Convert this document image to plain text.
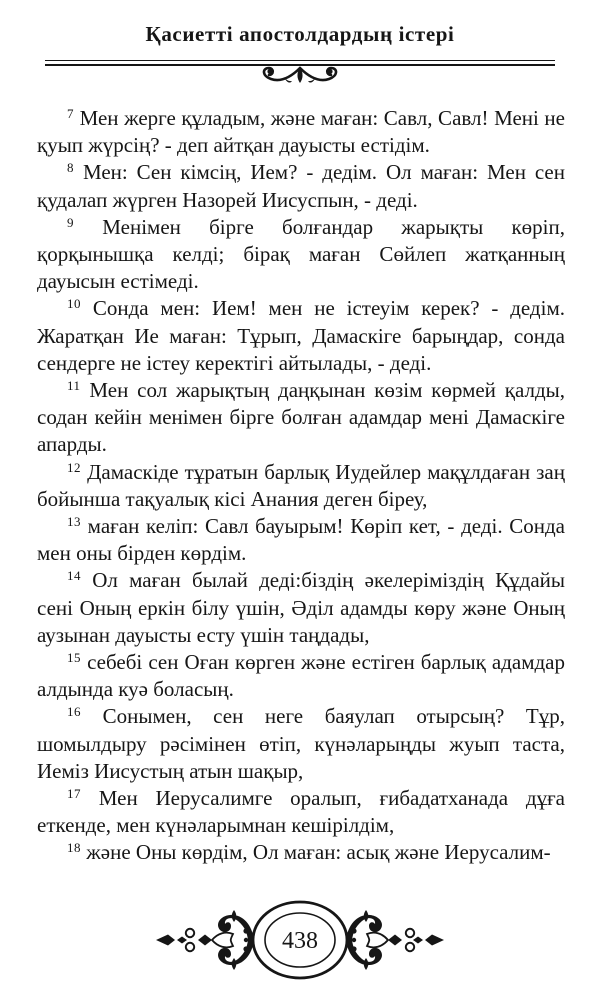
Қасиетті апостолдардың істері

$^7$ Мен жерге құладым, және маған: Савл, Савл! Мені не қуып жүрсің? - деп айтқан дауысты естідім.

$^8$ Мен: Сен кімсің, Ием? - дедім. Ол маған: Мен сен қудалап жүрген Назорей Иисуспын, - деді.

$^9$ Менімен бірге болғандар жарықты көріп, қорқынышқа келді; бірақ маған Сөйлеп жатқанның дауысын естімеді.

$^{10}$ Сонда мен: Ием! мен не істеуім керек? - дедім. Жаратқан Ие маған: Тұрып, Дамаскіге барыңдар, сонда сендерге не істеу керектігі айтылады, - деді.

$^{11}$ Мен сол жарықтың даңқынан көзім көрмей қалды, содан кейін менімен бірге болған адамдар мені Дамаскіге апарды.

$^{12}$ Дамаскіде тұратын барлық Иудейлер мақұлдаған заң бойынша тақуалық кісі Анания деген біреу,

$^{13}$ маған келіп: Савл бауырым! Көріп кет, - деді. Сонда мен оны бірден көрдім.

$^{14}$ Ол маған былай деді:біздің әкелеріміздің Құдайы сені Оның еркін білу үшін, Әділ адамды көру және Оның аузынан дауысты есту үшін таңдады,

$^{15}$ себебі сен Оған көрген және естіген барлық адамдар алдында куә боласың.

$^{16}$ Сонымен, сен неге баяулап отырсың? Тұр, шомылдыру рәсімінен өтіп, күнәларыңды жуып таста, Иеміз Иисустың атын шақыр,

$^{17}$ Мен Иерусалимге оралып, ғибадатханада дұға еткенде, мен күнәларымнан кешірілдім,

$^{18}$ және Оны көрдім, Ол маған: асық және Иерусалим-

438
